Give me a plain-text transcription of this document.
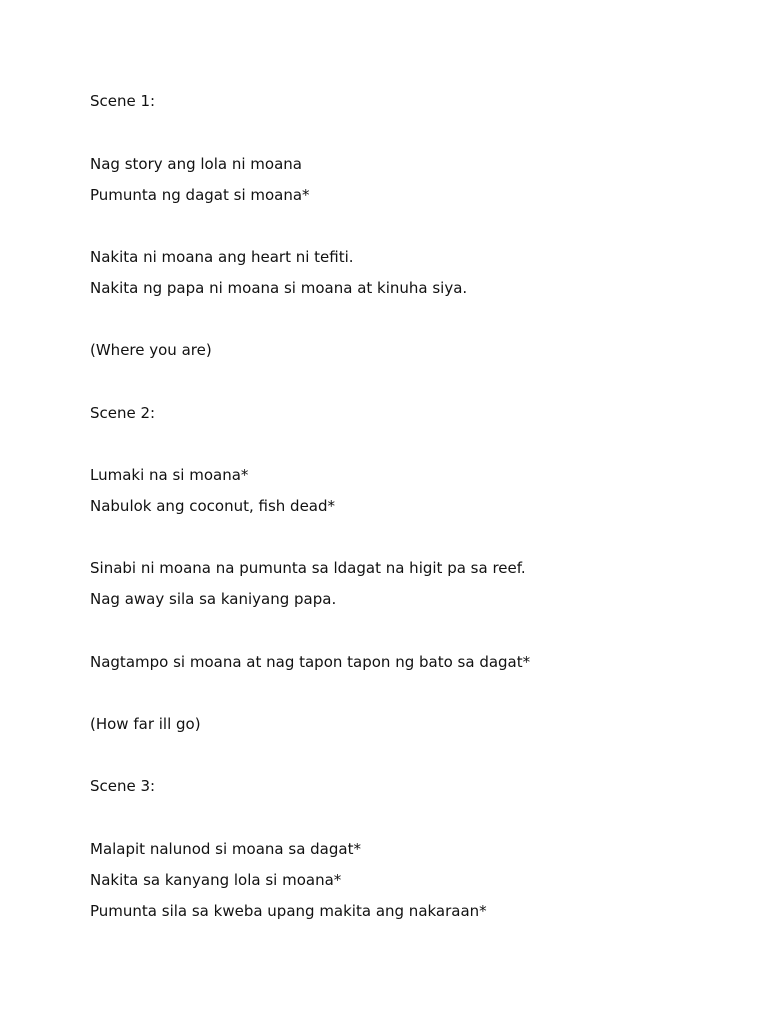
Scene 1:

Nag story ang lola ni moana

Pumunta ng dagat si moana*

Nakita ni moana ang heart ni tefiti.

Nakita ng papa ni moana si moana at kinuha siya.

(Where you are)

Scene 2:

Lumaki na si moana*

Nabulok ang coconut, fish dead*

Sinabi ni moana na pumunta sa ldagat na higit pa sa reef.

Nag away sila sa kaniyang papa.

Nagtampo si moana at nag tapon tapon ng bato sa dagat*

(How far ill go)

Scene 3:

Malapit nalunod si moana sa dagat*

Nakita sa kanyang lola si moana*

Pumunta sila sa kweba upang makita ang nakaraan*
